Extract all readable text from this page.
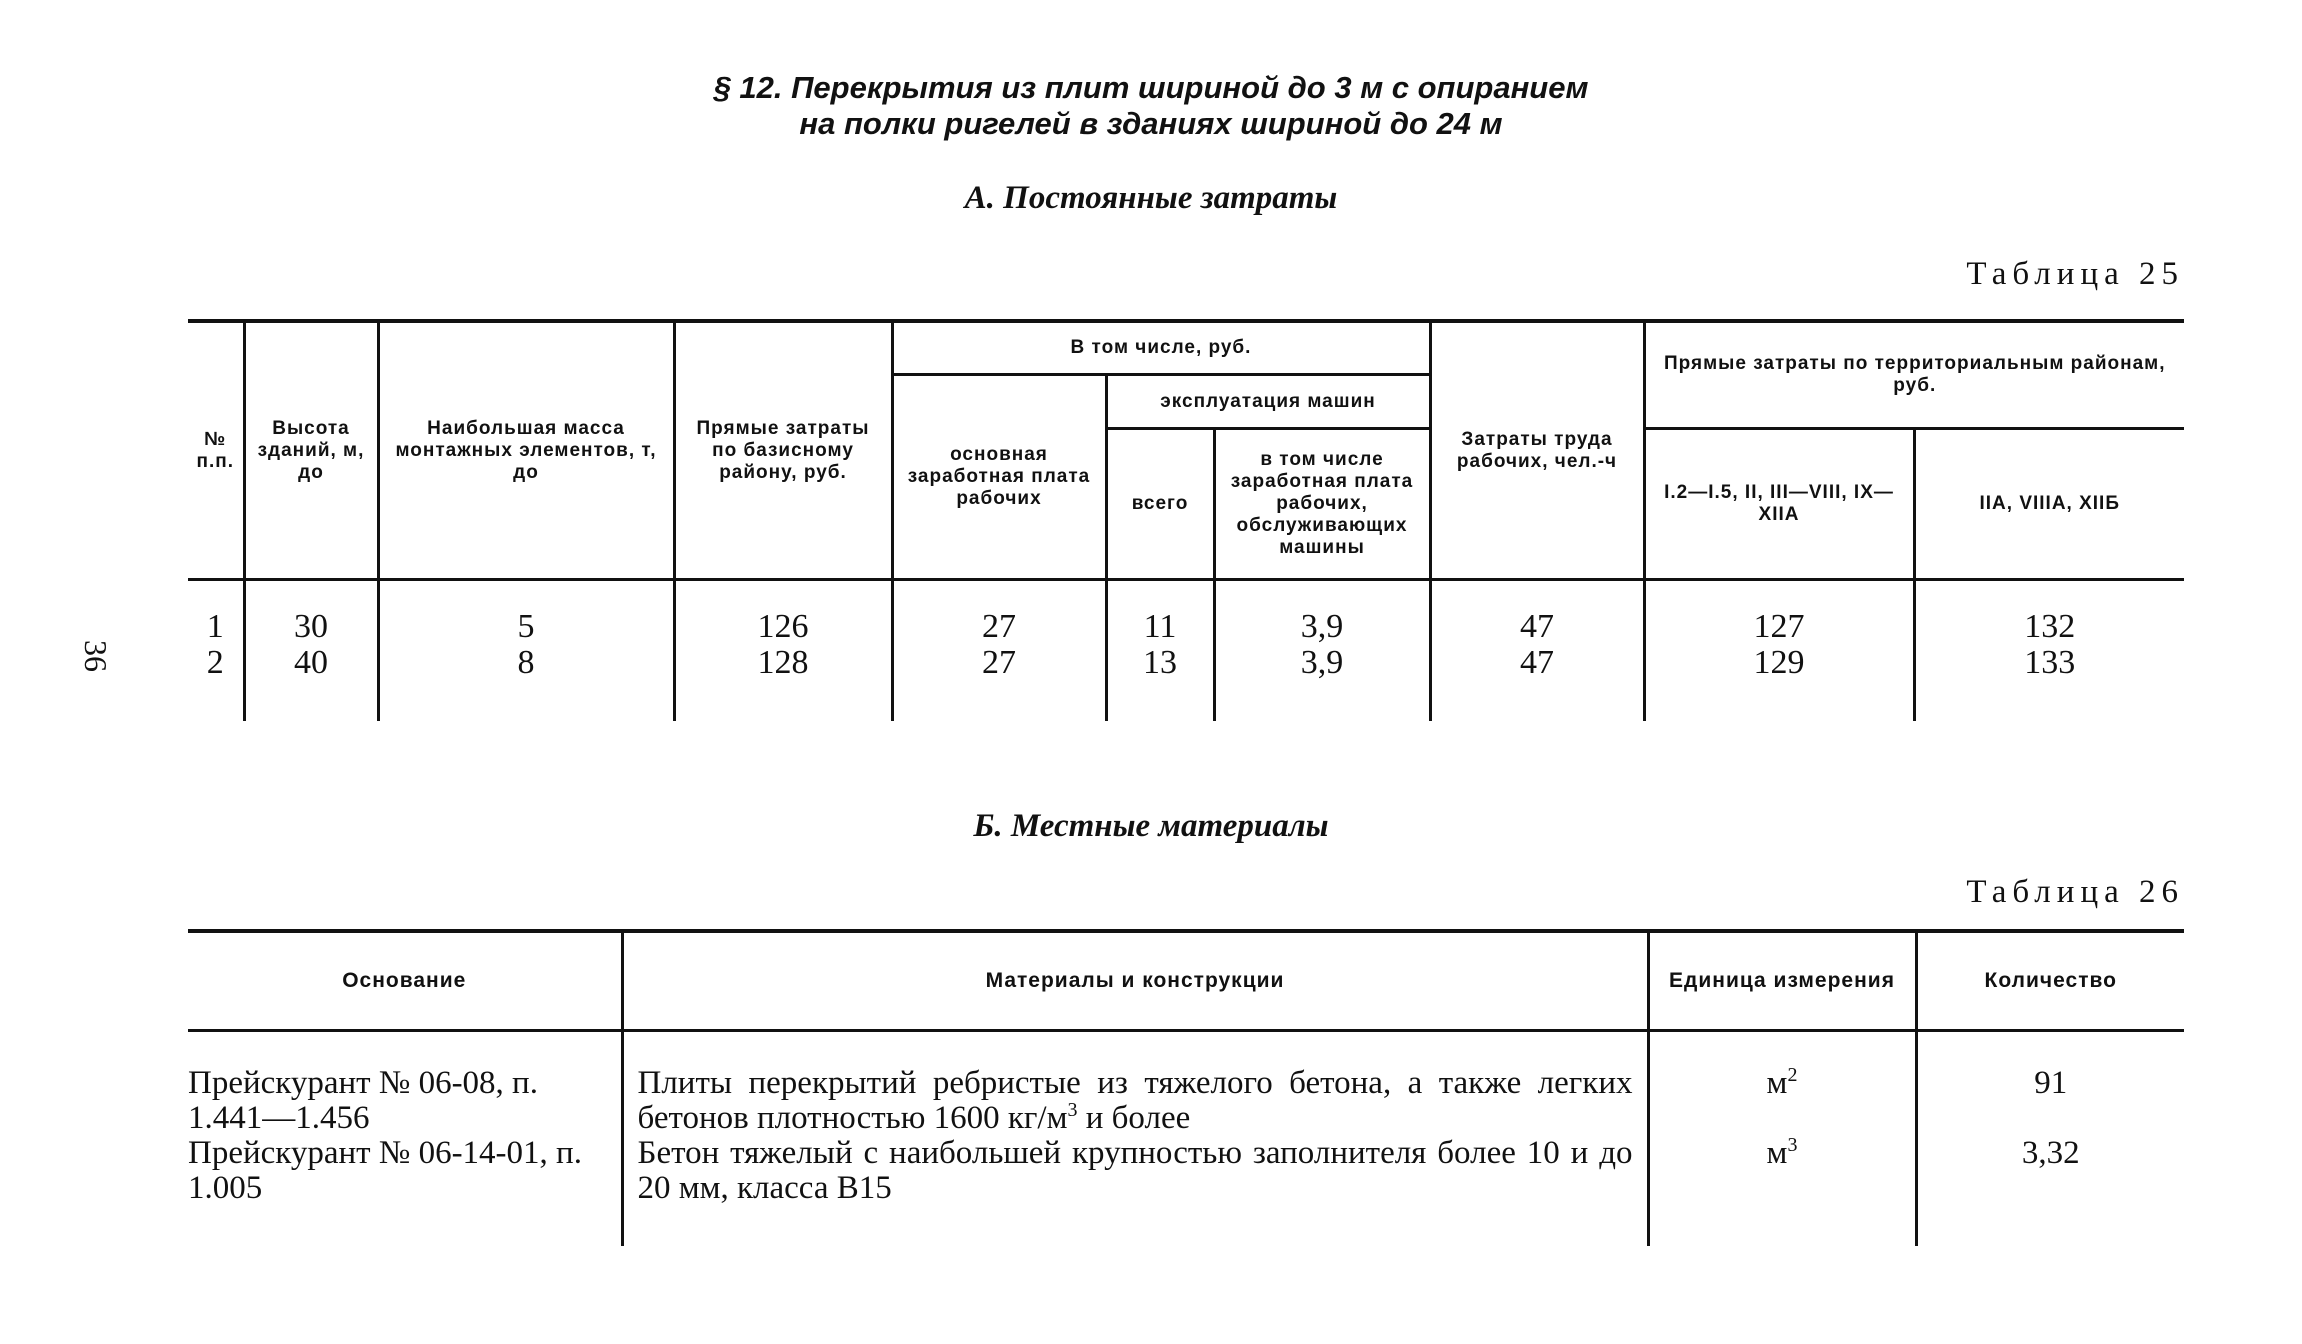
36
§ 12. Перекрытия из плит шириной до 3 м с опиранием
на полки ригелей в зданиях шириной до 24 м
А. Постоянные затраты
Таблица 25
№ п.п.	Высота зданий, м, до	Наибольшая масса монтажных элементов, т, до	Прямые затраты по базисному району, руб.	В том числе, руб.			Затраты труда рабочих, чел.-ч	Прямые затраты по территориальным районам, руб.	
				основная заработная плата рабочих	эксплуатация машин				
					всего	в том числе заработная плата рабочих, обслуживающих машины		I.2—I.5, II, III—VIII, IX—XIIA	IIA, VIIIA, XIIБ
1	30	5	126	27	11	3,9	47	127	132
2	40	8	128	27	13	3,9	47	129	133
Б. Местные материалы
Таблица 26
Основание	Материалы и конструкции	Единица измерения	Количество
Прейскурант № 06-08, п. 1.441—1.456	Плиты перекрытий ребристые из тяжелого бетона, а также легких бетонов плотностью 1600 $кг/м^3$ и более	$м^2$	91
Прейскурант № 06-14-01, п. 1.005	Бетон тяжелый с наибольшей крупностью заполнителя более 10 и до 20 мм, класса В15	$м^3$	3,32
